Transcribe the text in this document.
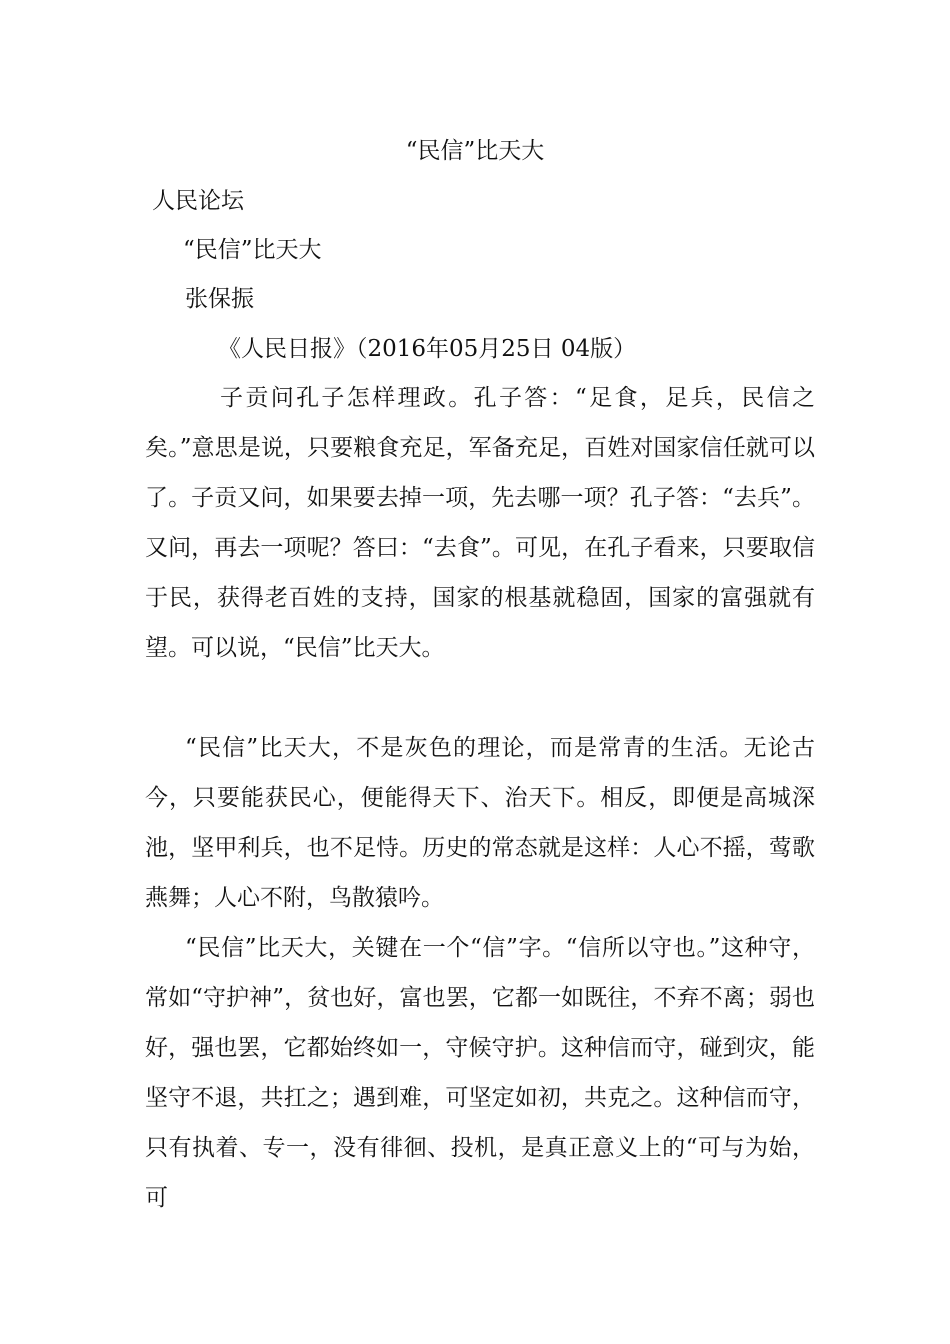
“民信”比天大

人民论坛

“民信”比天大

张保振

《人民日报》（2016年05月25日 04版）

子贡问孔子怎样理政。孔子答：“足食，足兵，民信之矣。”意思是说，只要粮食充足，军备充足，百姓对国家信任就可以了。子贡又问，如果要去掉一项，先去哪一项？孔子答：“去兵”。又问，再去一项呢？答曰：“去食”。可见，在孔子看来，只要取信于民，获得老百姓的支持，国家的根基就稳固，国家的富强就有望。可以说，“民信”比天大。

“民信”比天大，不是灰色的理论，而是常青的生活。无论古今，只要能获民心，便能得天下、治天下。相反，即便是高城深池，坚甲利兵，也不足恃。历史的常态就是这样：人心不摇，莺歌燕舞；人心不附，鸟散猿吟。

“民信”比天大，关键在一个“信”字。“信所以守也。”这种守，常如“守护神”，贫也好，富也罢，它都一如既往，不弃不离；弱也好，强也罢，它都始终如一，守候守护。这种信而守，碰到灾，能坚守不退，共扛之；遇到难，可坚定如初，共克之。这种信而守，只有执着、专一，没有徘徊、投机，是真正意义上的“可与为始，可
